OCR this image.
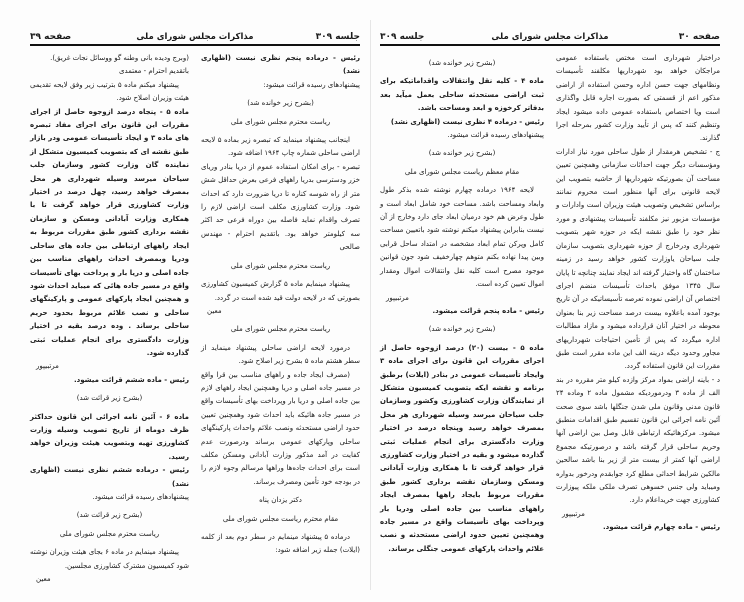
جلسه ۳۰۹
مذاکرات مجلس شورای ملی
صفحه ۳۹

رئیس - درماده پنجم نظری نیست (اظهاری نشد)

پیشنهادهای رسیده قرائت میشود:

(بشرح زیر خوانده شد)

ریاست محترم مجلس شورای ملی

اینجانب پیشنهاد مینماید که تبصره زیر بماده ۵ لایحه اراضی ساحلی شماره چاپ ۱۹۶۴ اضافه شود.

تبصره - برای امکان استفاده عموم از دریا بنادر وریای خزر ودسترسی بدریا راههای فرعی بعرض حداقل شش متر از راه شوسه کناره تا دریا ضرورت دارد که احداث شود. وزارت کشاورزی مکلف است اراضی لازم را تصرف واقدام نماید فاصله بین دوراه فرعی حد اکثر سه کیلومتر خواهد بود. باتقدیم احترام - مهندس صالحی

ریاست محترم مجلس شورای ملی

پیشنهاد مینمایم ماده ۵ گزارش کمیسیون کشاورزی بصورتی که در لایحه دولت قید شده است در گردد.

معین

ریاست محترم مجلس شورای ملی

درمورد لایحه اراضی ساحلی پیشنهاد مینماید از سطر هشتم ماده ۵ بشرح زیر اصلاح شود.

(مصرف ایجاد جاده و راههای مناسب بین قرا واقع در مسیر جاده اصلی و دریا وهمچنین ایجاد راههای لازم بین جاده اصلی و دریا بار وپرداخت بهای تأسیسات واقع در مسیر جاده هائیکه باید احداث شود وهمچنین تعیین حدود اراضی مستحدثه ونصب علائم واحداث پارکینگهای ساحلی وپارکهای عمومی برساند ودرصورت عدم کفایت در آمد مذکور وزارت آبادانی ومسکن مکلف است برای احداث جاده‌ها وراهها مرسالم وجوه لازم را در بودجه خود تأمین ومصرف برساند.

دکتر یزدان پناه

مقام محترم ریاست مجلس شورای ملی

درماده ۵ پیشنهاد مینمایم در سطر دوم بعد از کلمه (ایلات) جمله زیر اضافه شود:

(وبرج ودیده بانی وطنه گو ووسائل نجات غریق).

باتقدیم احترام - معتمدی

پیشنهاد میکنم ماده ۵ بترتیب زیر وفق لایحه تقدیمی هیئت وزیران اصلاح شود.

ماده ۵ - پنجاه درصد ازوجوه حاصل از اجرای مقررات این قانون برای اجرای مفاد تبصره های ماده ۳ و ایجاد تأسیسات عمومی ودر بازار طبق نقشه ای که بتصویب کمیسیون متشکل از نماینده گان وزارت کشور وسازمان جلب سیاحان میرسد وسیله شهرداری هر محل بمصرف خواهد رسید، چهل درصد در اختیار وزارت کشاورزی قرار خواهد گرفت تا با همکاری وزارت آبادانی ومسکن و سازمان نقشه برداری کشور طبق مقررات مربوط به ایجاد راههای ارتباطی بین جاده های ساحلی ودریا وبمصرف احداث راههای مناسب بین جاده اصلی و دریا بار و پرداخت بهای تأسیسات واقع در مسیر جاده هائی که میباید احداث شود و همچنین ایجاد پارکهای عمومی و پارکینگهای ساحلی و نصب علائم مربوط بحدود حریم ساحلی برساند . وده درصد بقیه در اختیار وزارت دادگستری برای انجام عملیات ثبتی گذارده شود.

مرتبیپور

رئیس - ماده ششم قرائت میشود.

(بشرح زیر قرائت شد)

ماده ۶ - آئین نامه اجرائی این قانون حداکثر ظرف دوماه از تاریخ تصویب وسیله وزارت کشاورزی تهیه وبتصویب هیئت وزیران خواهد رسید.

رئیس - درماده ششم نظری نیست (اظهاری نشد)

پیشنهادهای رسیده قرائت میشود.

(بشرح زیر قرائت شد)

ریاست محترم مجلس شورای ملی

پیشنهاد مینمایم در ماده ۶ بجای هیئت وزیران نوشته شود کمیسیون مشترک کشاورزی مجلسین.

معین

صفحه ۳۰
مذاکرات مجلس شورای ملی
جلسه ۳۰۹

دراختیار شهرداری است مختص باستفاده عمومی مراجکان خواهد بود شهرداریها مکلفند تأسیسات ونظامهای جهت حسن اداره وحسن استفاده از اراضی مذکور اعم از قسمتی که بصورت اجاره قابل واگذاری است ویا اختصاص باستفاده عمومی داده میشود ایجاد وتنظیم کنند که پس از تأیید وزارت کشور بمرحله اجرا گذارند.

ج - تشخیص هرمقدار از طول ساحلی مورد نیاز ادارات ومؤسسات دیگر جهت احداثات سازمانی وهمچنین تعیین مساحت آن بصورتیکه شهرداریها از حاشیه بتصویب این لایحه قانونی برای آنها منظور است محروم نمانند براساس تشخیص وتصویب هیئت وزیران است وادارات و مؤسسات مزبور نیز مکلفند تأسیسات پیشنهادی و مورد نظر خود را طبق نقشه ایکه در حوزه شهر بتصویب شهرداری ودرخارج از حوزه شهرداری بتصویب سازمان جلب سیاحان یاوزارت کشور خواهد رسید در زمینه ساختمان گاه واختیار گرفته اند ایجاد نمایند چنانچه تا پایان سال ۱۳۴۵ موفق باحداث تأسیسات منضم اجرای اختصاص آن اراضی نموده تعرصه تأسیساتیکه در آن تاریخ بوجود آمده باعلاوه بیست درصد مساحت زیر بنا بعنوان محوطه در اختیار آنان قرارداده میشود و مازاد مطالبات اداره میگردد که پس از تأمین احتیاجات شهرداریهای مجاور وحدود دیگه درینه الف این ماده مقرر است طبق مقررات این قانون استفاده گردد.

د - باینه اراضی بمواد مرکز وازده کیلو متر مقرره در بند الف از ماده ۳ ودرموردیکه مشمول ماده ۲ وماده ۲۴ قانون مدنی وقانون ملی شدن جنگلها باشد سوی صحت آئین نامه اجرائی این قانون تقسیم طبق اقدامات منطبق میشود. مرکزهائیکه ارتیاطی قابل وصل بین اراضی آنها وحریم ساحلی قرار گرفته باشد و درصورتیکه مجموع اراضی آنها کمتر از بیست متر از زیر بنا باشد سالحین مالکین شرایط احداثی مطلع کرد جوابقدم ودرخور بدواره ومیباید ولی جنس خسوهی تصرف ملکی ملکه پیوزارت کشاورزی جهت خریداعلام دارد.

مرتبیپور

رئیس - ماده چهارم قرائت میشود.

(بشرح زیر خوانده شد)

ماده ۴ - کلیه نقل وانتقالات واقداماتیکه برای ثبت اراضی مستحدثه ساحلی بعمل میآید بعد بدفاتر کرخوزه و ابعد ومساحت باشد.

رئیس - درماده ۴ نظری نیست (اظهاری نشد)

پیشنهادهای رسیده قرائت میشود.

(بشرح زیر خوانده شد)

مقام معظم ریاست مجلس شورای ملی

لایحه ۱۹۶۴ درماده چهارم نوشته شده بذکر طول وابعاد ومساحت باشد. مساحت خود شامل ابعاد است و طول وعرض هم خود درمیان ابعاد جای دارد وخارج از آن نیست بنابراین پیشنهاد میکنم نوشته شود باتعیین مساحت کامل وپرکن تمام ابعاد مشخصه در امتداد ساحل قرابی وبین پیدا نهاده بکنم متوهم چهارخفیف شود جون قوانین موجود مصرح است کلیه نقل وانتقالات اموال ومقدار اموال تعیین کرده است.

مرتبیپور

رئیس - ماده پنجم قرائت میشود.

(بشرح زیر خوانده شد)

ماده ۵ - بیست (۲۰) درصد ازوجوه حاصل از اجرای مقررات این قانون برای اجرای ماده ۳ وایجاد تأسیسات عمومی در بنادر (ایلات) برطبق برنامه و نقشه ایکه بتصویب کمیسیون متشکل از نمایندگان وزارت کشاورزی وکشور وسازمان جلب سیاحان میرسد وسیله شهرداری هر محل بمصرف خواهد رسید وپنجاه درصد در اختیار وزارت دادگستری برای انجام عملیات ثبتی گذارده میشود و بقیه در اختیار وزارت کشاورزی قرار خواهد گرفت تا با همکاری وزارت آبادانی ومسکن وسازمان نقشه برداری کشور طبق مقررات مربوط بایجاد راهها بمصرف ایجاد راههای مناسب بین جاده اصلی ودریا بار وپرداخت بهای تأسیسات واقع در مسیر جاده وهمچنین تعیین حدود اراضی مستحدثه و نصب علائم واحداث پارکهای عمومی جنگلی برساند.
